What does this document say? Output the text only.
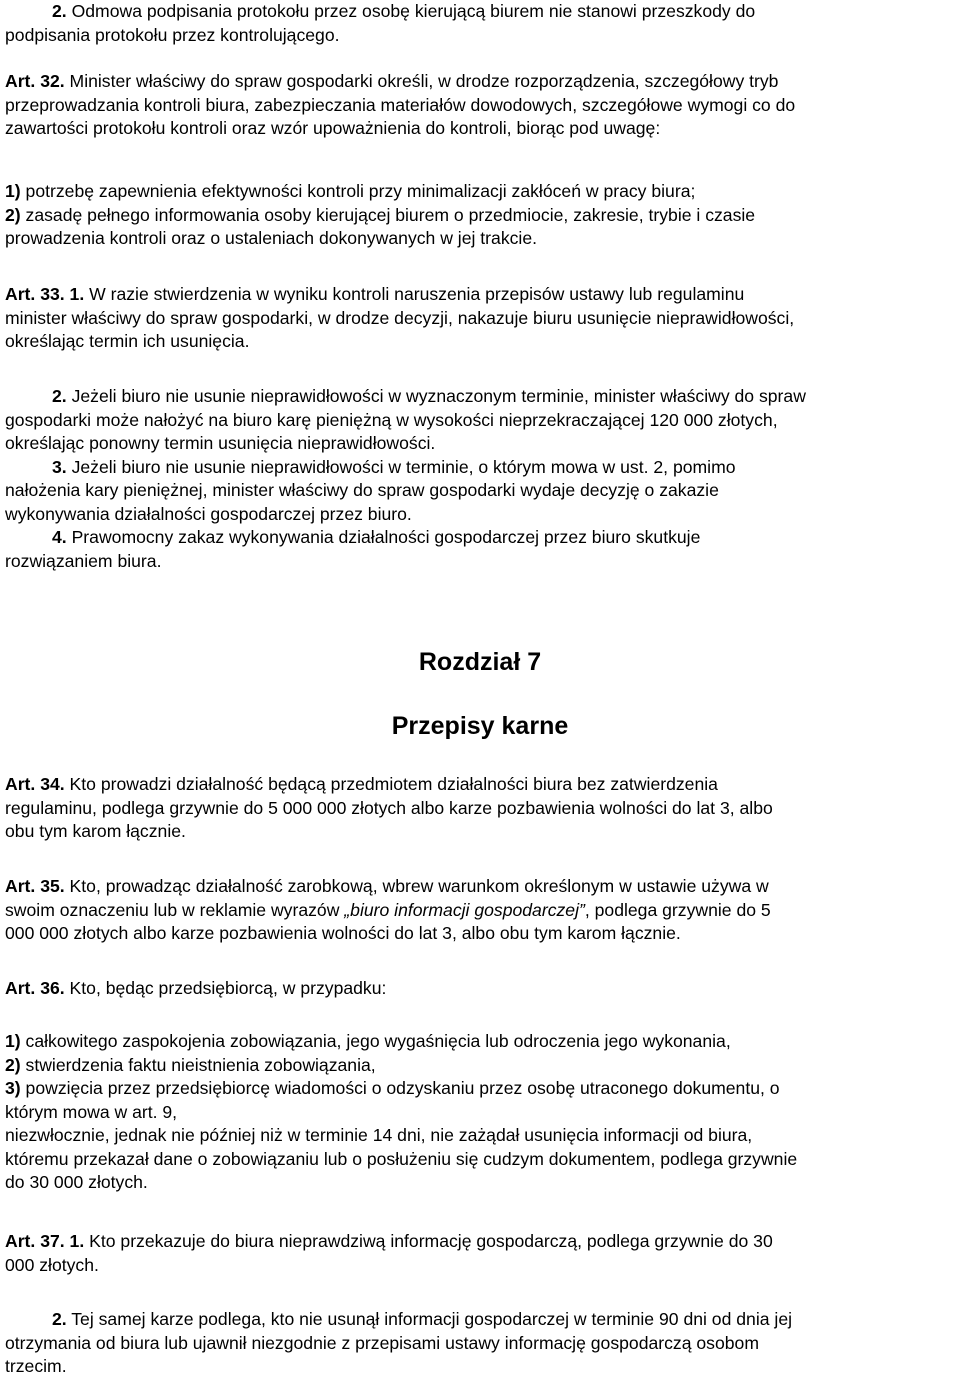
2. Odmowa podpisania protokołu przez osobę kierującą biurem nie stanowi przeszkody do
podpisania protokołu przez kontrolującego.

Art. 32. Minister właściwy do spraw gospodarki określi, w drodze rozporządzenia, szczegółowy tryb
przeprowadzania kontroli biura, zabezpieczania materiałów dowodowych, szczegółowe wymogi co do
zawartości protokołu kontroli oraz wzór upoważnienia do kontroli, biorąc pod uwagę:

1) potrzebę zapewnienia efektywności kontroli przy minimalizacji zakłóceń w pracy biura;
2) zasadę pełnego informowania osoby kierującej biurem o przedmiocie, zakresie, trybie i czasie
prowadzenia kontroli oraz o ustaleniach dokonywanych w jej trakcie.

Art. 33. 1. W razie stwierdzenia w wyniku kontroli naruszenia przepisów ustawy lub regulaminu
minister właściwy do spraw gospodarki, w drodze decyzji, nakazuje biuru usunięcie nieprawidłowości,
określając termin ich usunięcia.

2. Jeżeli biuro nie usunie nieprawidłowości w wyznaczonym terminie, minister właściwy do spraw
gospodarki może nałożyć na biuro karę pieniężną w wysokości nieprzekraczającej 120 000 złotych,
określając ponowny termin usunięcia nieprawidłowości.
3. Jeżeli biuro nie usunie nieprawidłowości w terminie, o którym mowa w ust. 2, pomimo
nałożenia kary pieniężnej, minister właściwy do spraw gospodarki wydaje decyzję o zakazie
wykonywania działalności gospodarczej przez biuro.
4. Prawomocny zakaz wykonywania działalności gospodarczej przez biuro skutkuje
rozwiązaniem biura.

Rozdział 7

Przepisy karne

Art. 34. Kto prowadzi działalność będącą przedmiotem działalności biura bez zatwierdzenia
regulaminu, podlega grzywnie do 5 000 000 złotych albo karze pozbawienia wolności do lat 3, albo
obu tym karom łącznie.

Art. 35. Kto, prowadząc działalność zarobkową, wbrew warunkom określonym w ustawie używa w
swoim oznaczeniu lub w reklamie wyrazów „biuro informacji gospodarczej”, podlega grzywnie do 5
000 000 złotych albo karze pozbawienia wolności do lat 3, albo obu tym karom łącznie.

Art. 36. Kto, będąc przedsiębiorcą, w przypadku:

1) całkowitego zaspokojenia zobowiązania, jego wygaśnięcia lub odroczenia jego wykonania,
2) stwierdzenia faktu nieistnienia zobowiązania,
3) powzięcia przez przedsiębiorcę wiadomości o odzyskaniu przez osobę utraconego dokumentu, o
którym mowa w art. 9,
niezwłocznie, jednak nie później niż w terminie 14 dni, nie zażądał usunięcia informacji od biura,
któremu przekazał dane o zobowiązaniu lub o posłużeniu się cudzym dokumentem, podlega grzywnie
do 30 000 złotych.

Art. 37. 1. Kto przekazuje do biura nieprawdziwą informację gospodarczą, podlega grzywnie do 30
000 złotych.

2. Tej samej karze podlega, kto nie usunął informacji gospodarczej w terminie 90 dni od dnia jej
otrzymania od biura lub ujawnił niezgodnie z przepisami ustawy informację gospodarczą osobom
trzecim.
